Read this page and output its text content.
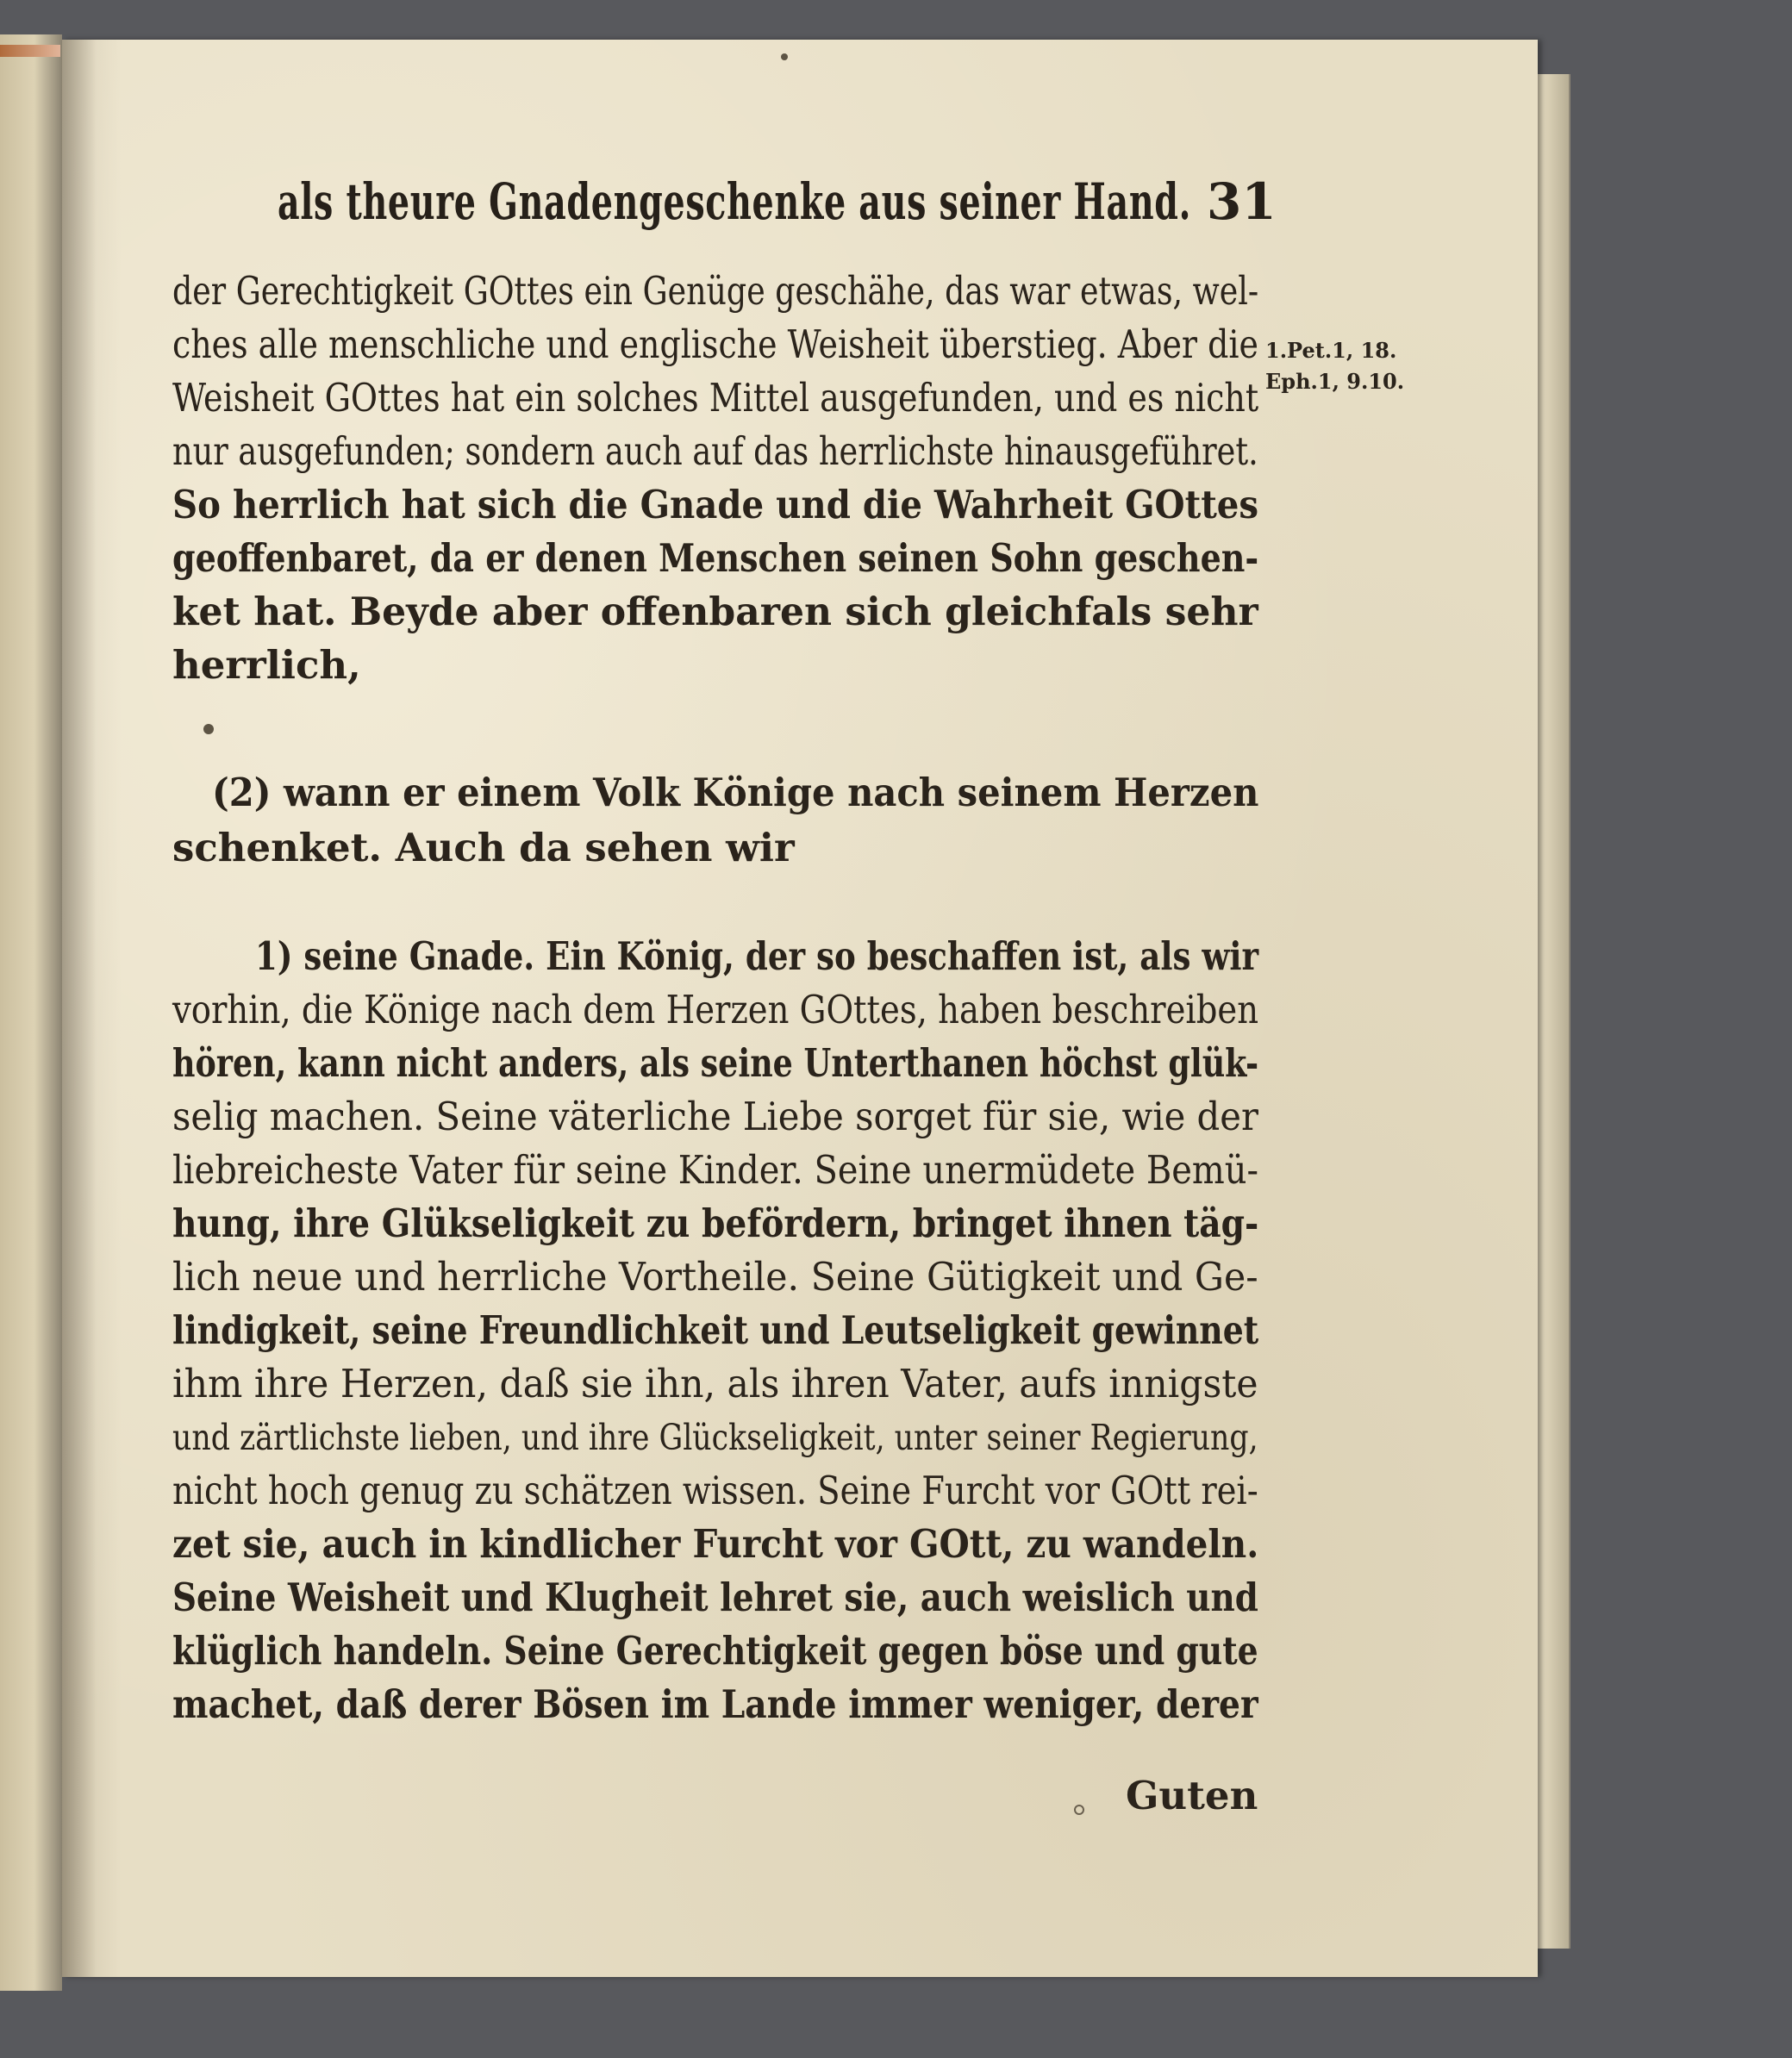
als theure Gnadengeschenke aus seiner Hand. 31
der Gerechtigkeit GOttes ein Genüge geschähe, das war etwas, wel-
ches alle menschliche und englische Weisheit überstieg. Aber die
Weisheit GOttes hat ein solches Mittel ausgefunden, und es nicht
nur ausgefunden; sondern auch auf das herrlichste hinausgeführet.
So herrlich hat sich die Gnade und die Wahrheit GOttes
geoffenbaret, da er denen Menschen seinen Sohn geschen-
ket hat. Beyde aber offenbaren sich gleichfals sehr
herrlich,
(2) wann er einem Volk Könige nach seinem Herzen
schenket. Auch da sehen wir
1) seine Gnade. Ein König, der so beschaffen ist, als wir
vorhin, die Könige nach dem Herzen GOttes, haben beschreiben
hören, kann nicht anders, als seine Unterthanen höchst glük-
selig machen. Seine väterliche Liebe sorget für sie, wie der
liebreicheste Vater für seine Kinder. Seine unermüdete Bemü-
hung, ihre Glükseligkeit zu befördern, bringet ihnen täg-
lich neue und herrliche Vortheile. Seine Gütigkeit und Ge-
lindigkeit, seine Freundlichkeit und Leutseligkeit gewinnet
ihm ihre Herzen, daß sie ihn, als ihren Vater, aufs innigste
und zärtlichste lieben, und ihre Glückseligkeit, unter seiner Regierung,
nicht hoch genug zu schätzen wissen. Seine Furcht vor GOtt rei-
zet sie, auch in kindlicher Furcht vor GOtt, zu wandeln.
Seine Weisheit und Klugheit lehret sie, auch weislich und
klüglich handeln. Seine Gerechtigkeit gegen böse und gute
machet, daß derer Bösen im Lande immer weniger, derer
Guten
1.Pet.1, 18.
Eph.1, 9.10.
